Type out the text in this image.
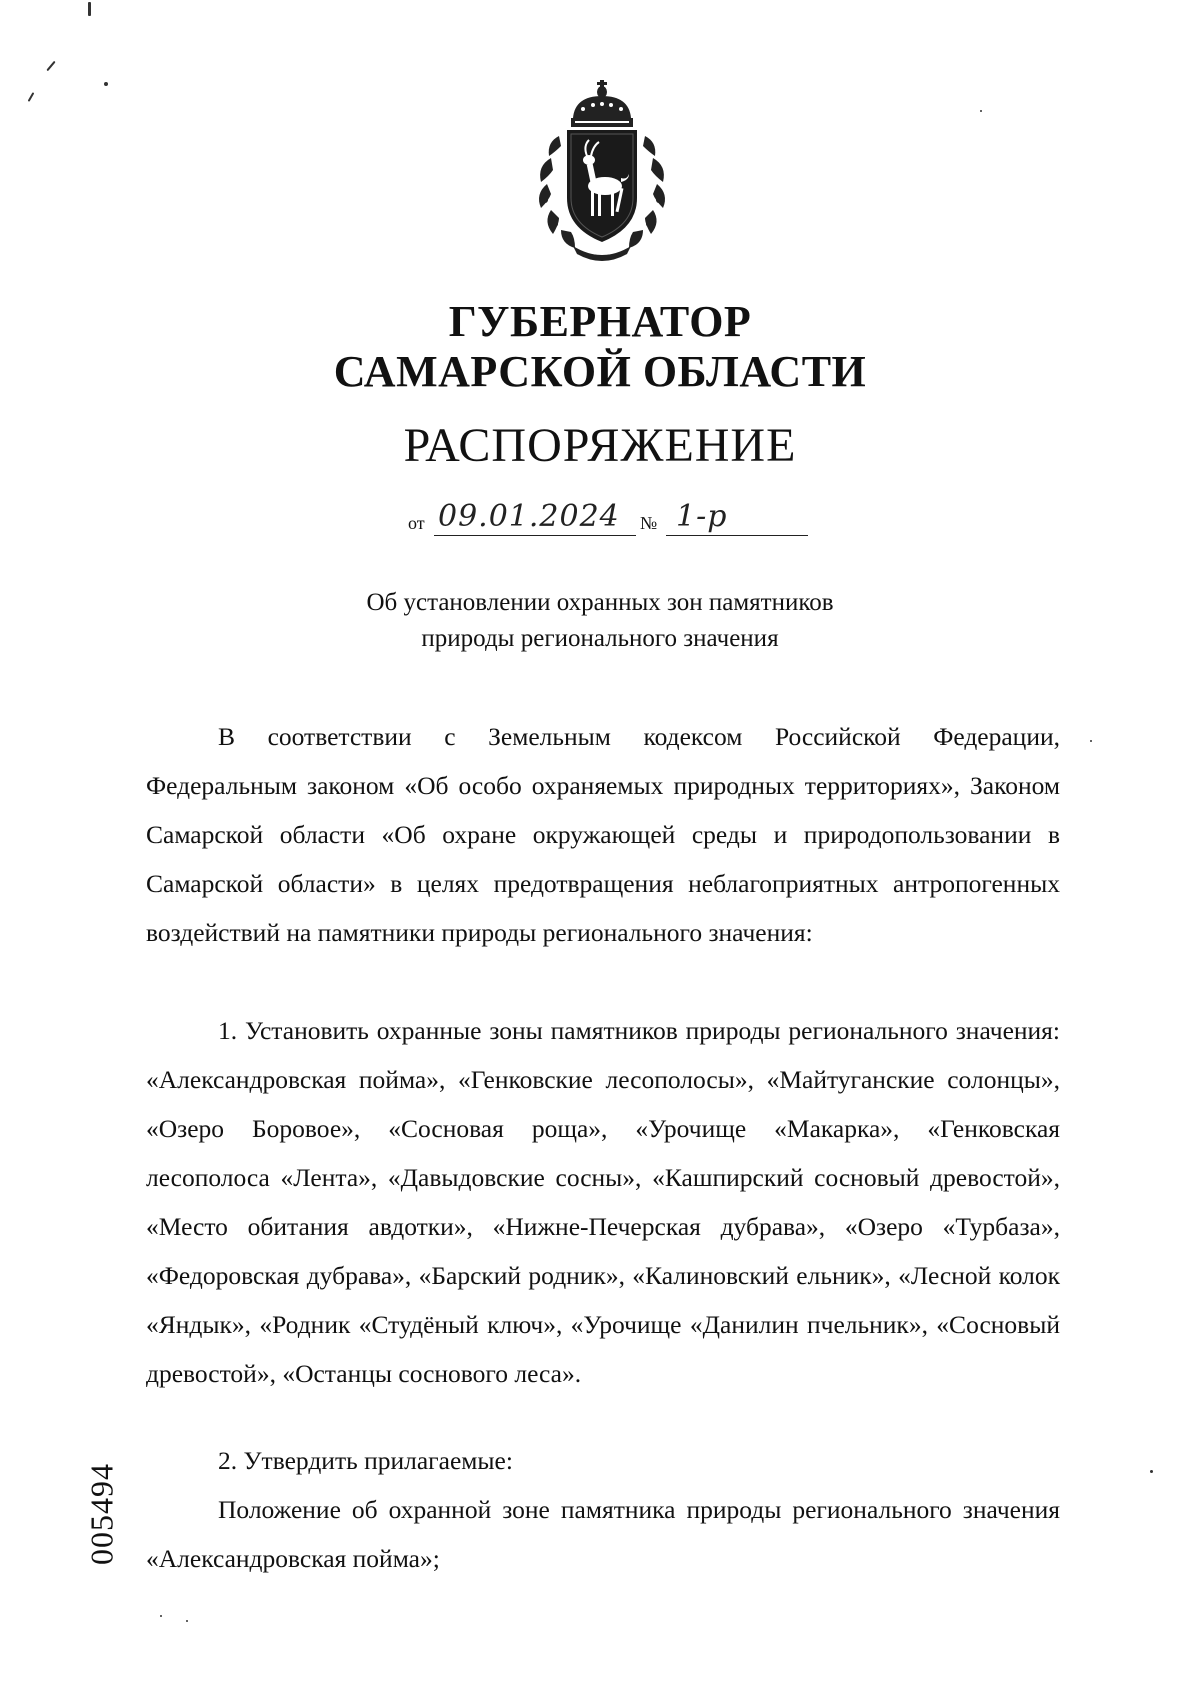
ГУБЕРНАТОР
САМАРСКОЙ ОБЛАСТИ
РАСПОРЯЖЕНИЕ
от 09.01.2024 № 1-р
Об установлении охранных зон памятников
природы регионального значения

В соответствии с Земельным кодексом Российской Федерации, Федеральным законом «Об особо охраняемых природных территориях», Законом Самарской области «Об охране окружающей среды и природопользовании в Самарской области» в целях предотвращения неблагоприятных антропогенных воздействий на памятники природы регионального значения:

1. Установить охранные зоны памятников природы регионального значения: «Александровская пойма», «Генковские лесополосы», «Майтуганские солонцы», «Озеро Боровое», «Сосновая роща», «Урочище «Макарка», «Генковская лесополоса «Лента», «Давыдовские сосны», «Кашпирский сосновый древостой», «Место обитания авдотки», «Нижне-Печерская дубрава», «Озеро «Турбаза», «Федоровская дубрава», «Барский родник», «Калиновский ельник», «Лесной колок «Яндык», «Родник «Студёный ключ», «Урочище «Данилин пчельник», «Сосновый древостой», «Останцы соснового леса».

2. Утвердить прилагаемые:

Положение об охранной зоне памятника природы регионального значения «Александровская пойма»;

005494
